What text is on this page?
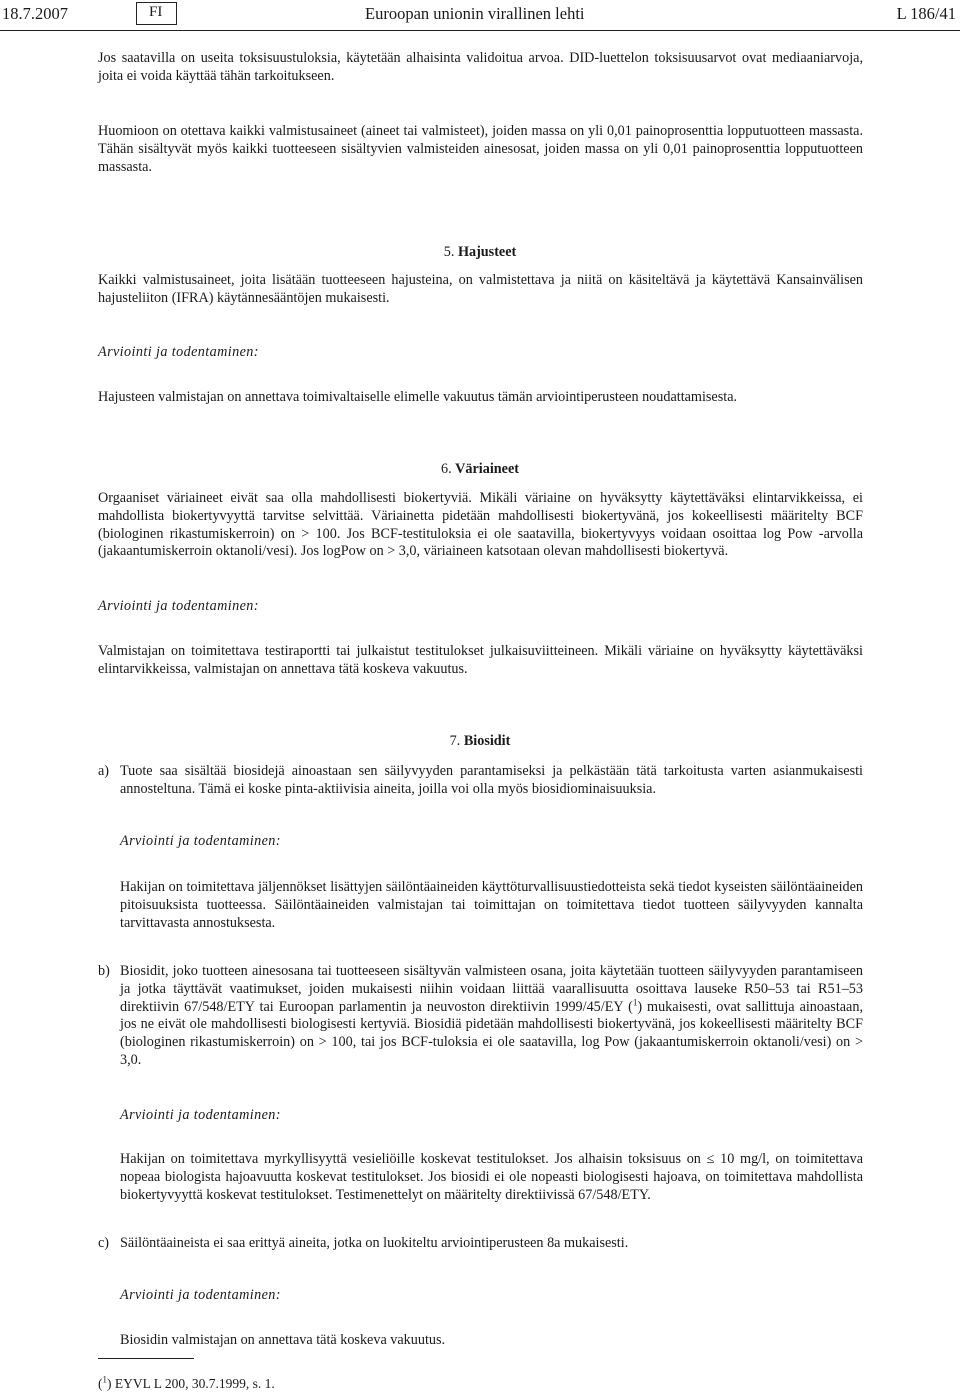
18.7.2007	FI	Euroopan unionin virallinen lehti	L 186/41

Jos saatavilla on useita toksisuustuloksia, käytetään alhaisinta validoitua arvoa. DID-luettelon toksisuusarvot ovat mediaaniarvoja, joita ei voida käyttää tähän tarkoitukseen.

Huomioon on otettava kaikki valmistusaineet (aineet tai valmisteet), joiden massa on yli 0,01 painoprosenttia lopputuotteen massasta. Tähän sisältyvät myös kaikki tuotteeseen sisältyvien valmisteiden ainesosat, joiden massa on yli 0,01 painoprosenttia lopputuotteen massasta.

5. Hajusteet

Kaikki valmistusaineet, joita lisätään tuotteeseen hajusteina, on valmistettava ja niitä on käsiteltävä ja käytettävä Kansainvälisen hajusteliiton (IFRA) käytännesääntöjen mukaisesti.

Arviointi ja todentaminen:

Hajusteen valmistajan on annettava toimivaltaiselle elimelle vakuutus tämän arviointiperusteen noudattamisesta.

6. Väriaineet

Orgaaniset väriaineet eivät saa olla mahdollisesti biokertyviä. Mikäli väriaine on hyväksytty käytettäväksi elintarvikkeissa, ei mahdollista biokertyvyyttä tarvitse selvittää. Väriainetta pidetään mahdollisesti biokertyvänä, jos kokeellisesti määritelty BCF (biologinen rikastumiskerroin) on > 100. Jos BCF-testituloksia ei ole saatavilla, biokertyvyys voidaan osoittaa log Pow -arvolla (jakaantumiskerroin oktanoli/vesi). Jos logPow on > 3,0, väriaineen katsotaan olevan mahdollisesti biokertyvä.

Arviointi ja todentaminen:

Valmistajan on toimitettava testiraportti tai julkaistut testitulokset julkaisuviitteineen. Mikäli väriaine on hyväksytty käytettäväksi elintarvikkeissa, valmistajan on annettava tätä koskeva vakuutus.

7. Biosidit

a) Tuote saa sisältää biosidejä ainoastaan sen säilyvyyden parantamiseksi ja pelkästään tätä tarkoitusta varten asianmukaisesti annosteltuna. Tämä ei koske pinta-aktiivisia aineita, joilla voi olla myös biosidiominaisuuksia.

Arviointi ja todentaminen:

Hakijan on toimitettava jäljennökset lisättyjen säilöntäaineiden käyttöturvallisuustiedotteista sekä tiedot kyseisten säilöntäaineiden pitoisuuksista tuotteessa. Säilöntäaineiden valmistajan tai toimittajan on toimitettava tiedot tuotteen säilyvyyden kannalta tarvittavasta annostuksesta.

b) Biosidit, joko tuotteen ainesosana tai tuotteeseen sisältyvän valmisteen osana, joita käytetään tuotteen säilyvyyden parantamiseen ja jotka täyttävät vaatimukset, joiden mukaisesti niihin voidaan liittää vaarallisuutta osoittava lauseke R50–53 tai R51–53 direktiivin 67/548/ETY tai Euroopan parlamentin ja neuvoston direktiivin 1999/45/EY ($^1$) mukaisesti, ovat sallittuja ainoastaan, jos ne eivät ole mahdollisesti biologisesti kertyviä. Biosidiä pidetään mahdollisesti biokertyvänä, jos kokeellisesti määritelty BCF (biologinen rikastumiskerroin) on > 100, tai jos BCF-tuloksia ei ole saatavilla, log Pow (jakaantumiskerroin oktanoli/vesi) on > 3,0.

Arviointi ja todentaminen:

Hakijan on toimitettava myrkyllisyyttä vesieliöille koskevat testitulokset. Jos alhaisin toksisuus on ≤ 10 mg/l, on toimitettava nopeaa biologista hajoavuutta koskevat testitulokset. Jos biosidi ei ole nopeasti biologisesti hajoava, on toimitettava mahdollista biokertyvyyttä koskevat testitulokset. Testimenettelyt on määritelty direktiivissä 67/548/ETY.

c) Säilöntäaineista ei saa erittyä aineita, jotka on luokiteltu arviointiperusteen 8a mukaisesti.

Arviointi ja todentaminen:

Biosidin valmistajan on annettava tätä koskeva vakuutus.

($^1$) EYVL L 200, 30.7.1999, s. 1.
